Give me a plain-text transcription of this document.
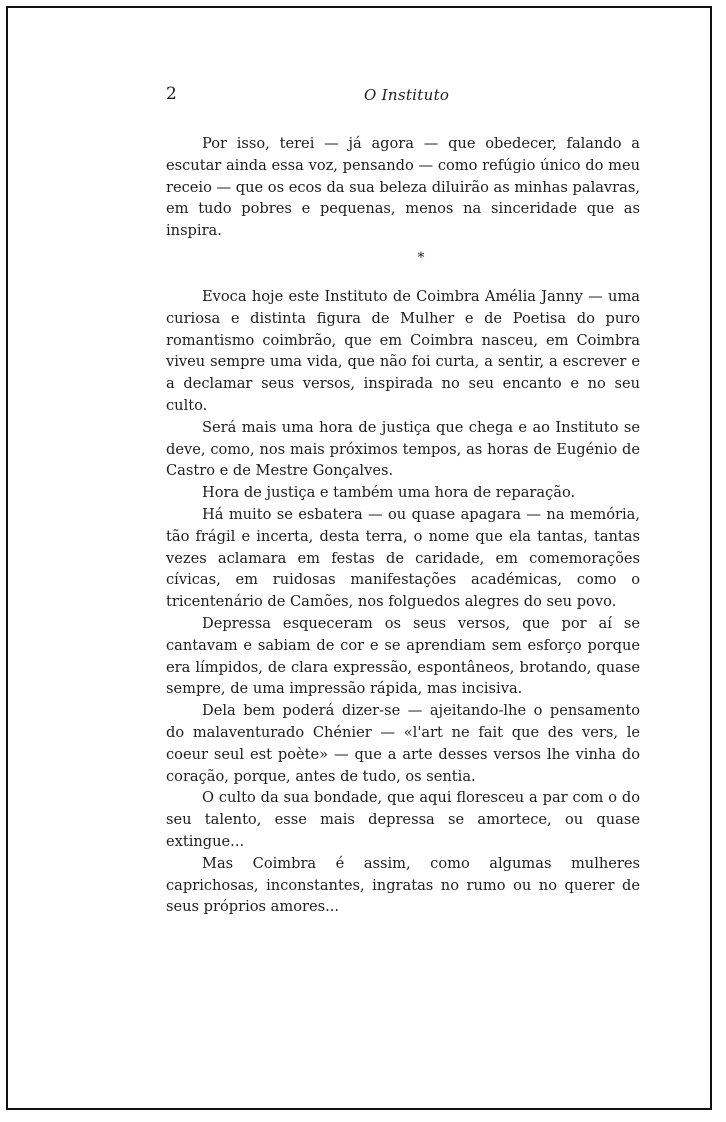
2	O Instituto

Por isso, terei — já agora — que obedecer, falando a escutar ainda essa voz, pensando — como refúgio único do meu receio — que os ecos da sua beleza diluirão as minhas palavras, em tudo pobres e pequenas, menos na sinceridade que as inspira.

*

Evoca hoje este Instituto de Coimbra Amélia Janny — uma curiosa e distinta figura de Mulher e de Poetisa do puro romantismo coimbrão, que em Coimbra nasceu, em Coimbra viveu sempre uma vida, que não foi curta, a sentir, a escrever e a declamar seus versos, inspirada no seu encanto e no seu culto.

Será mais uma hora de justiça que chega e ao Instituto se deve, como, nos mais próximos tempos, as horas de Eugénio de Castro e de Mestre Gonçalves.

Hora de justiça e também uma hora de reparação.

Há muito se esbatera — ou quase apagara — na memória, tão frágil e incerta, desta terra, o nome que ela tantas, tantas vezes aclamara em festas de caridade, em comemorações cívicas, em ruidosas manifestações académicas, como o tricentenário de Camões, nos folguedos alegres do seu povo.

Depressa esqueceram os seus versos, que por aí se cantavam e sabiam de cor e se aprendiam sem esforço porque era límpidos, de clara expressão, espontâneos, brotando, quase sempre, de uma impressão rápida, mas incisiva.

Dela bem poderá dizer-se — ajeitando-lhe o pensamento do malaventurado Chénier — «l'art ne fait que des vers, le coeur seul est poète» — que a arte desses versos lhe vinha do coração, porque, antes de tudo, os sentia.

O culto da sua bondade, que aqui floresceu a par com o do seu talento, esse mais depressa se amortece, ou quase extingue...

Mas Coimbra é assim, como algumas mulheres caprichosas, inconstantes, ingratas no rumo ou no querer de seus próprios amores...
